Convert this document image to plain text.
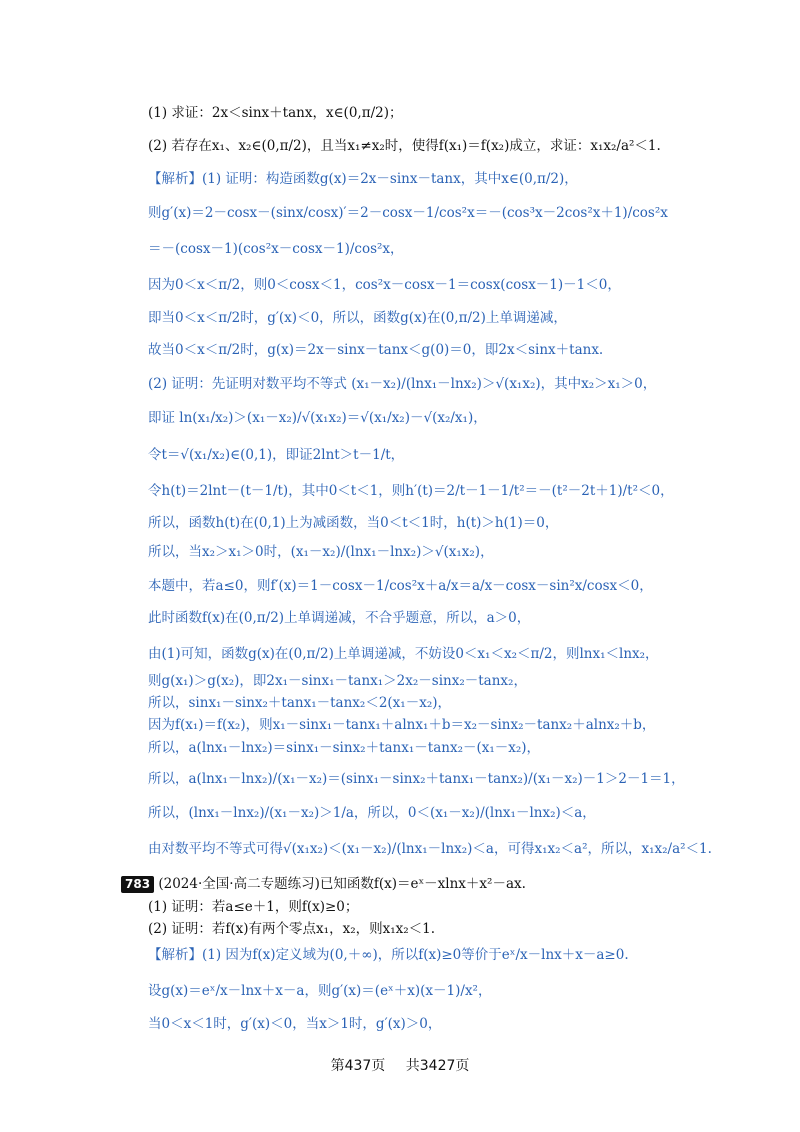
(1) 求证：2x＜sinx＋tanx，x∈(0,π/2)；
(2) 若存在x₁、x₂∈(0,π/2)，且当x₁≠x₂时，使得f(x₁)＝f(x₂)成立，求证：x₁x₂/a²＜1.
【解析】(1) 证明：构造函数g(x)＝2x－sinx－tanx，其中x∈(0,π/2)，
则g′(x)＝2－cosx－(sinx/cosx)′＝2－cosx－1/cos²x＝－(cos³x－2cos²x＋1)/cos²x
＝－(cosx－1)(cos²x－cosx－1)/cos²x，
因为0＜x＜π/2，则0＜cosx＜1，cos²x－cosx－1＝cosx(cosx－1)－1＜0，
即当0＜x＜π/2时，g′(x)＜0，所以，函数g(x)在(0,π/2)上单调递减，
故当0＜x＜π/2时，g(x)＝2x－sinx－tanx＜g(0)＝0，即2x＜sinx＋tanx.
(2) 证明：先证明对数平均不等式 (x₁－x₂)/(lnx₁－lnx₂)＞√(x₁x₂)，其中x₂＞x₁＞0，
即证 ln(x₁/x₂)＞(x₁－x₂)/√(x₁x₂)＝√(x₁/x₂)－√(x₂/x₁)，
令t＝√(x₁/x₂)∈(0,1)，即证2lnt＞t－1/t，
令h(t)＝2lnt－(t－1/t)，其中0＜t＜1，则h′(t)＝2/t－1－1/t²＝－(t²－2t＋1)/t²＜0，
所以，函数h(t)在(0,1)上为减函数，当0＜t＜1时，h(t)＞h(1)＝0，
所以，当x₂＞x₁＞0时，(x₁－x₂)/(lnx₁－lnx₂)＞√(x₁x₂)，
本题中，若a≤0，则f′(x)＝1－cosx－1/cos²x＋a/x＝a/x－cosx－sin²x/cosx＜0，
此时函数f(x)在(0,π/2)上单调递减，不合乎题意，所以，a＞0，
由(1)可知，函数g(x)在(0,π/2)上单调递减，不妨设0＜x₁＜x₂＜π/2，则lnx₁＜lnx₂，
则g(x₁)＞g(x₂)，即2x₁－sinx₁－tanx₁＞2x₂－sinx₂－tanx₂，
所以，sinx₁－sinx₂＋tanx₁－tanx₂＜2(x₁－x₂)，
因为f(x₁)＝f(x₂)，则x₁－sinx₁－tanx₁＋alnx₁＋b＝x₂－sinx₂－tanx₂＋alnx₂＋b，
所以，a(lnx₁－lnx₂)＝sinx₁－sinx₂＋tanx₁－tanx₂－(x₁－x₂)，
所以，a(lnx₁－lnx₂)/(x₁－x₂)＝(sinx₁－sinx₂＋tanx₁－tanx₂)/(x₁－x₂)－1＞2－1＝1，
所以，(lnx₁－lnx₂)/(x₁－x₂)＞1/a，所以，0＜(x₁－x₂)/(lnx₁－lnx₂)＜a，
由对数平均不等式可得√(x₁x₂)＜(x₁－x₂)/(lnx₁－lnx₂)＜a，可得x₁x₂＜a²，所以，x₁x₂/a²＜1.
783 (2024·全国·高二专题练习)已知函数f(x)＝eˣ－xlnx＋x²－ax.
(1) 证明：若a≤e＋1，则f(x)≥0；
(2) 证明：若f(x)有两个零点x₁，x₂，则x₁x₂＜1.
【解析】(1) 因为f(x)定义域为(0,＋∞)，所以f(x)≥0等价于eˣ/x－lnx＋x－a≥0.
设g(x)＝eˣ/x－lnx＋x－a，则g′(x)＝(eˣ＋x)(x－1)/x²，
当0＜x＜1时，g′(x)＜0，当x＞1时，g′(x)＞0，
第437页 共3427页
